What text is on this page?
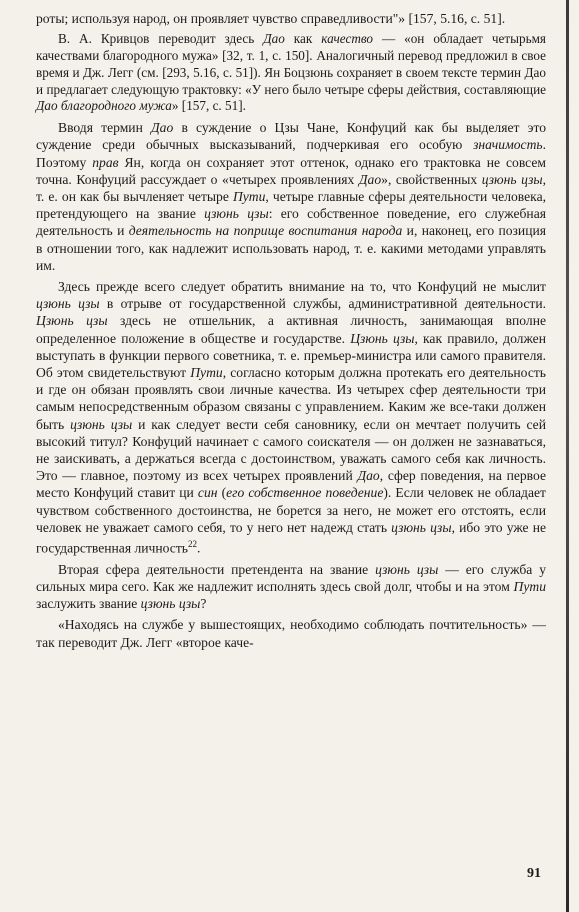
роты; используя народ, он проявляет чувство справедливости"» [157, 5.16, с. 51].

В. А. Кривцов переводит здесь Дао как качество — «он обладает четырьмя качествами благородного мужа» [32, т. 1, с. 150]. Аналогичный перевод предложил в свое время и Дж. Легг (см. [293, 5.16, с. 51]). Ян Боцзюнь сохраняет в своем тексте термин Дао и предлагает следующую трактовку: «У него было четыре сферы действия, составляющие Дао благородного мужа» [157, с. 51].

Вводя термин Дао в суждение о Цзы Чане, Конфуций как бы выделяет это суждение среди обычных высказываний, подчеркивая его особую значимость. Поэтому прав Ян, когда он сохраняет этот оттенок, однако его трактовка не совсем точна. Конфуций рассуждает о «четырех проявлениях Дао», свойственных цзюнь цзы, т. е. он как бы вычленяет четыре Пути, четыре главные сферы деятельности человека, претендующего на звание цзюнь цзы: его собственное поведение, его служебная деятельность и деятельность на поприще воспитания народа и, наконец, его позиция в отношении того, как надлежит использовать народ, т. е. какими методами управлять им.

Здесь прежде всего следует обратить внимание на то, что Конфуций не мыслит цзюнь цзы в отрыве от государственной службы, административной деятельности. Цзюнь цзы здесь не отшельник, а активная личность, занимающая вполне определенное положение в обществе и государстве. Цзюнь цзы, как правило, должен выступать в функции первого советника, т. е. премьер-министра или самого правителя. Об этом свидетельствуют Пути, согласно которым должна протекать его деятельность и где он обязан проявлять свои личные качества. Из четырех сфер деятельности три самым непосредственным образом связаны с управлением. Каким же все-таки должен быть цзюнь цзы и как следует вести себя сановнику, если он мечтает получить сей высокий титул? Конфуций начинает с самого соискателя — он должен не зазнаваться, не заискивать, а держаться всегда с достоинством, уважать самого себя как личность. Это — главное, поэтому из всех четырех проявлений Дао, сфер поведения, на первое место Конфуций ставит ци син (его собственное поведение). Если человек не обладает чувством собственного достоинства, не борется за него, не может его отстоять, если человек не уважает самого себя, то у него нет надежд стать цзюнь цзы, ибо это уже не государственная личность$^{22}$.

Вторая сфера деятельности претендента на звание цзюнь цзы — его служба у сильных мира сего. Как же надлежит исполнять здесь свой долг, чтобы и на этом Пути заслужить звание цзюнь цзы?

«Находясь на службе у вышестоящих, необходимо соблюдать почтительность» — так переводит Дж. Легг «второе каче-

91
